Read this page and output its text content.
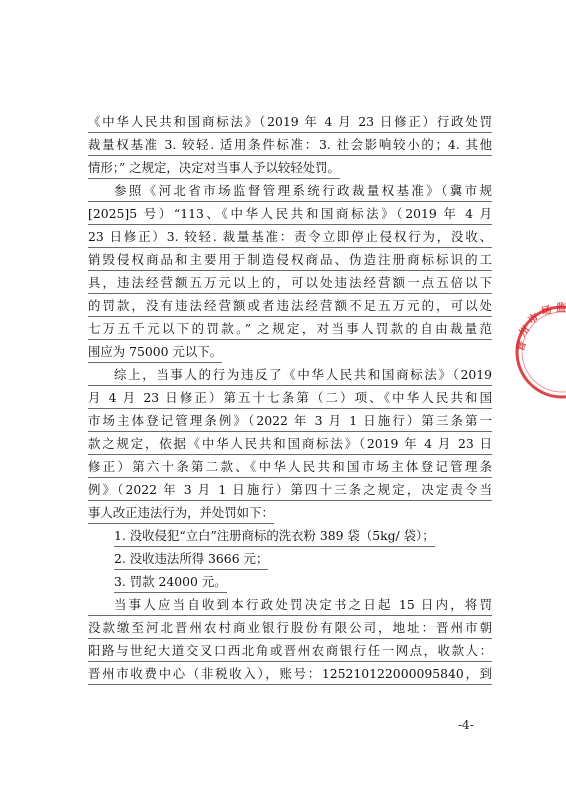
《中华人民共和国商标法》（2019 年 4 月 23 日修正）行政处罚
裁量权基准 3. 较轻. 适用条件标准：3. 社会影响较小的；4. 其他
情形；” 之规定，决定对当事人予以较轻处罚。
参照《河北省市场监督管理系统行政裁量权基准》（冀市规
[2025]5 号）“113、《中华人民共和国商标法》（2019 年 4 月
23 日修正）3. 较轻. 裁量基准：责令立即停止侵权行为，没收、
销毁侵权商品和主要用于制造侵权商品、伪造注册商标标识的工
具，违法经营额五万元以上的，可以处违法经营额一点五倍以下
的罚款，没有违法经营额或者违法经营额不足五万元的，可以处
七万五千元以下的罚款。” 之规定，对当事人罚款的自由裁量范
围应为 75000 元以下。
综上，当事人的行为违反了《中华人民共和国商标法》（2019
月 4 月 23 日修正）第五十七条第（二）项、《中华人民共和国
市场主体登记管理条例》（2022 年 3 月 1 日施行）第三条第一
款之规定，依据《中华人民共和国商标法》（2019 年 4 月 23 日
修正）第六十条第二款、《中华人民共和国市场主体登记管理条
例》（2022 年 3 月 1 日施行）第四十三条之规定，决定责令当
事人改正违法行为，并处罚如下：
1. 没收侵犯“立白”注册商标的洗衣粉 389 袋（5kg/ 袋）；
2. 没收违法所得 3666 元；
3. 罚款 24000 元。
当事人应当自收到本行政处罚决定书之日起 15 日内，将罚
没款缴至河北晋州农村商业银行股份有限公司，地址：晋州市朝
阳路与世纪大道交叉口西北角或晋州农商银行任一网点，收款人：
晋州市收费中心（非税收入），账号：125210122000095840，到
-4-
晋
州
市
场 监
